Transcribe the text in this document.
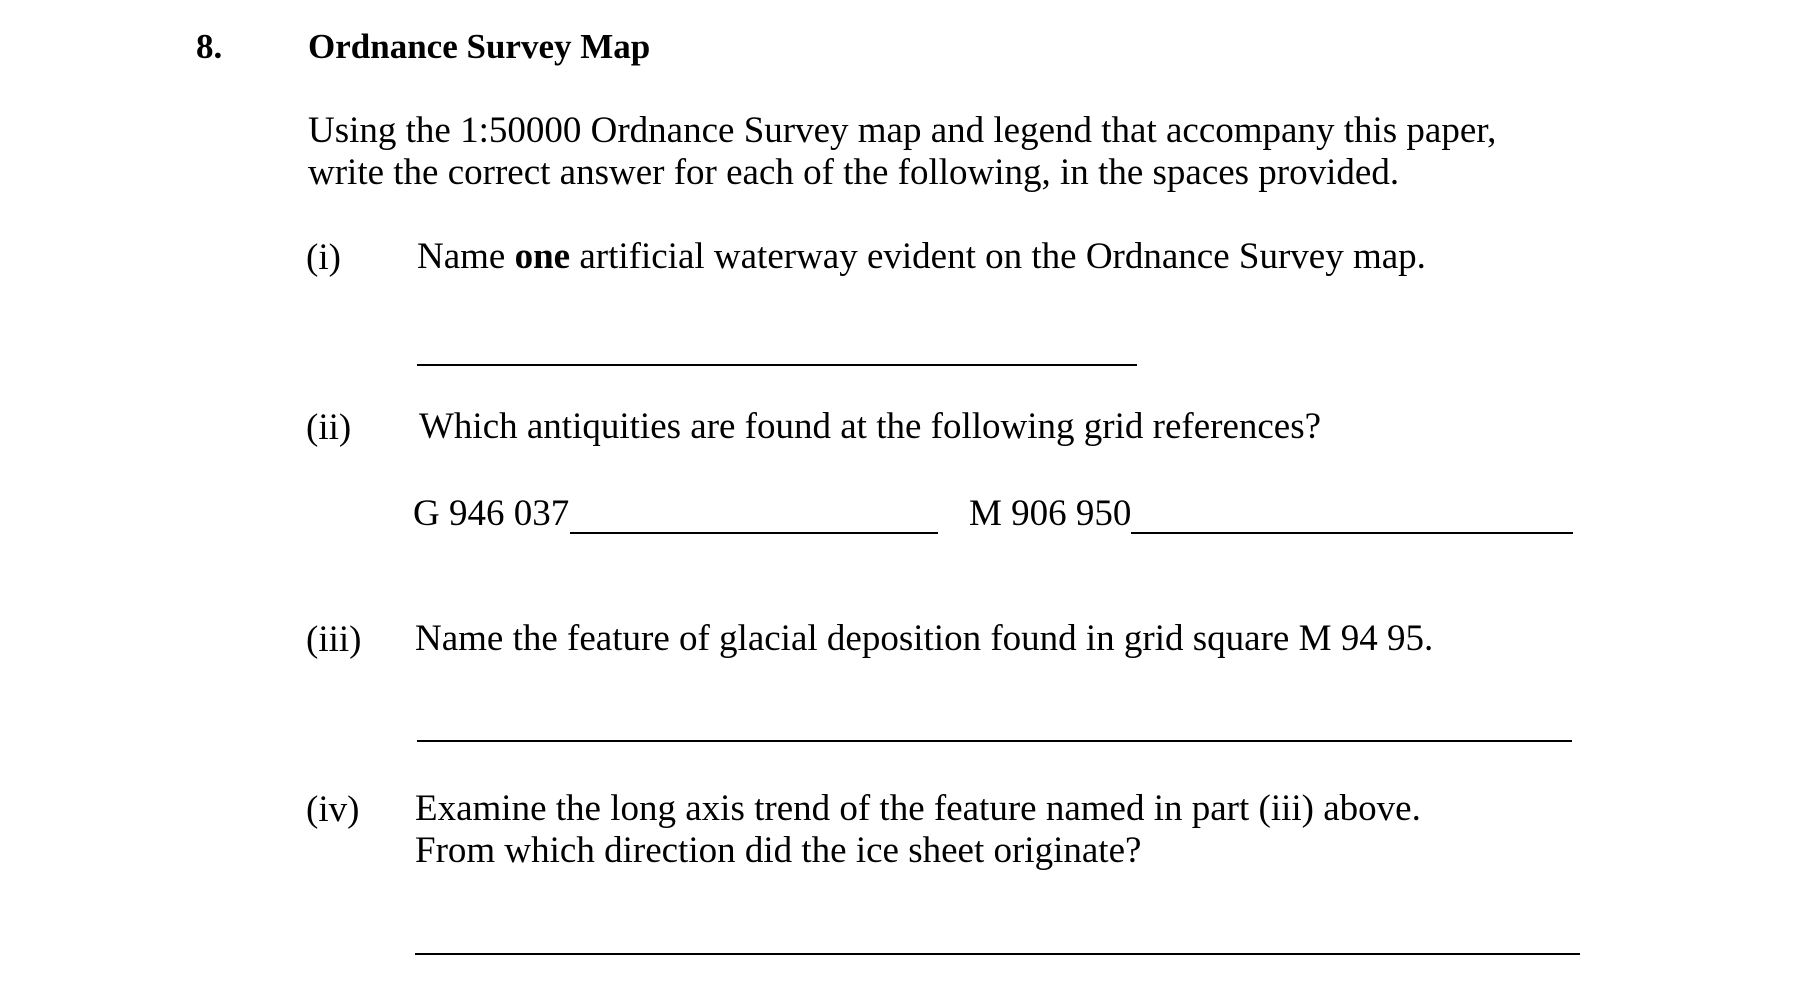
8. Ordnance Survey Map
Using the 1:50000 Ordnance Survey map and legend that accompany this paper,
write the correct answer for each of the following, in the spaces provided.
(i) Name one artificial waterway evident on the Ordnance Survey map.
(ii) Which antiquities are found at the following grid references?
G 946 037	M 906 950
(iii) Name the feature of glacial deposition found in grid square M 94 95.
(iv) Examine the long axis trend of the feature named in part (iii) above.
From which direction did the ice sheet originate?
